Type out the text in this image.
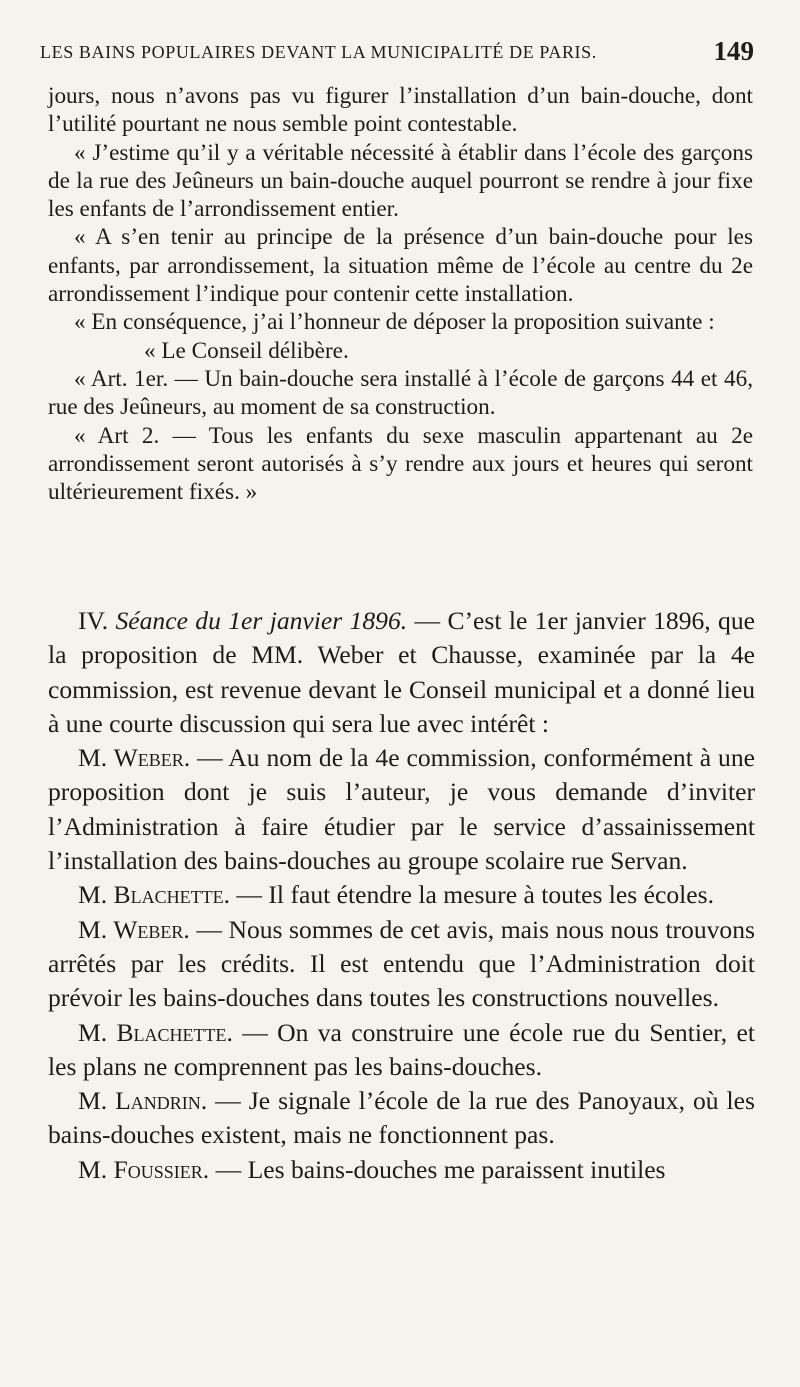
LES BAINS POPULAIRES DEVANT LA MUNICIPALITÉ DE PARIS.	149

jours, nous n’avons pas vu figurer l’installation d’un bain-douche, dont l’utilité pourtant ne nous semble point contestable.

« J’estime qu’il y a véritable nécessité à établir dans l’école des garçons de la rue des Jeûneurs un bain-douche auquel pourront se rendre à jour fixe les enfants de l’arrondissement entier.

« A s’en tenir au principe de la présence d’un bain-douche pour les enfants, par arrondissement, la situation même de l’école au centre du 2e arrondissement l’indique pour contenir cette installation.

« En conséquence, j’ai l’honneur de déposer la proposition suivante :

« Le Conseil délibère.

« Art. 1er. — Un bain-douche sera installé à l’école de garçons 44 et 46, rue des Jeûneurs, au moment de sa construction.

« Art 2. — Tous les enfants du sexe masculin appartenant au 2e arrondissement seront autorisés à s’y rendre aux jours et heures qui seront ultérieurement fixés. »

IV. Séance du 1er janvier 1896. — C’est le 1er janvier 1896, que la proposition de MM. Weber et Chausse, examinée par la 4e commission, est revenue devant le Conseil municipal et a donné lieu à une courte discussion qui sera lue avec intérêt :

M. Weber. — Au nom de la 4e commission, conformément à une proposition dont je suis l’auteur, je vous demande d’inviter l’Administration à faire étudier par le service d’assainissement l’installation des bains-douches au groupe scolaire rue Servan.

M. Blachette. — Il faut étendre la mesure à toutes les écoles.

M. Weber. — Nous sommes de cet avis, mais nous nous trouvons arrêtés par les crédits. Il est entendu que l’Administration doit prévoir les bains-douches dans toutes les constructions nouvelles.

M. Blachette. — On va construire une école rue du Sentier, et les plans ne comprennent pas les bains-douches.

M. Landrin. — Je signale l’école de la rue des Panoyaux, où les bains-douches existent, mais ne fonctionnent pas.

M. Foussier. — Les bains-douches me paraissent inutiles
